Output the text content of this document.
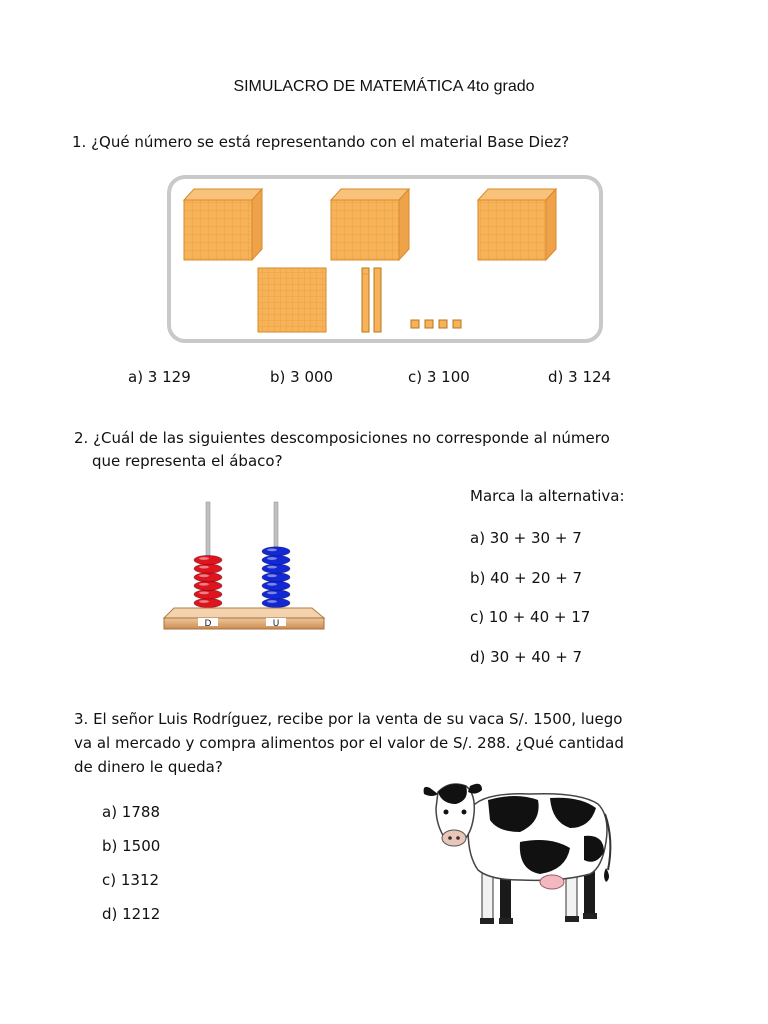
SIMULACRO DE MATEMÁTICA 4to grado
1. ¿Qué número se está representando con el material Base Diez?
a) 3 129	b) 3 000	c) 3 100	d) 3 124
2. ¿Cuál de las siguientes descomposiciones no corresponde al número
que representa el ábaco?
D	U
Marca la alternativa:
a) 30 + 30 + 7
b) 40 + 20 + 7
c) 10 + 40 + 17
d) 30 + 40 + 7
3. El señor Luis Rodríguez, recibe por la venta de su vaca S/. 1500, luego
va al mercado y compra alimentos por el valor de S/. 288. ¿Qué cantidad
de dinero le queda?
a) 1788
b) 1500
c) 1312
d) 1212
